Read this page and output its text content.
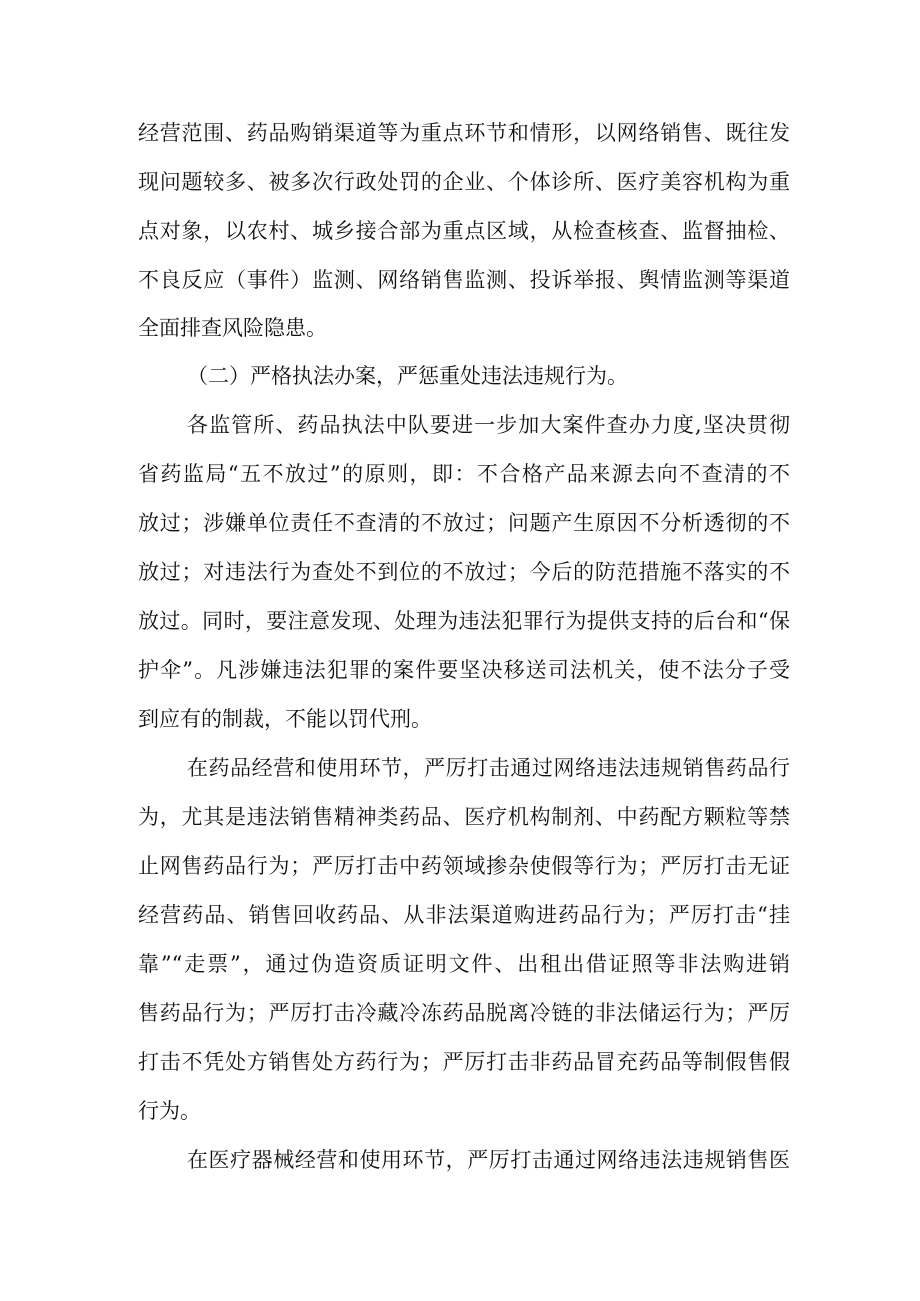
经营范围、药品购销渠道等为重点环节和情形，以网络销售、既往发
现问题较多、被多次行政处罚的企业、个体诊所、医疗美容机构为重
点对象，以农村、城乡接合部为重点区域，从检查核查、监督抽检、
不良反应（事件）监测、网络销售监测、投诉举报、舆情监测等渠道
全面排查风险隐患。
（二）严格执法办案，严惩重处违法违规行为。
各监管所、药品执法中队要进一步加大案件查办力度,坚决贯彻
省药监局“五不放过”的原则，即：不合格产品来源去向不查清的不
放过；涉嫌单位责任不查清的不放过；问题产生原因不分析透彻的不
放过；对违法行为查处不到位的不放过；今后的防范措施不落实的不
放过。同时，要注意发现、处理为违法犯罪行为提供支持的后台和“保
护伞”。凡涉嫌违法犯罪的案件要坚决移送司法机关，使不法分子受
到应有的制裁，不能以罚代刑。
在药品经营和使用环节，严厉打击通过网络违法违规销售药品行
为，尤其是违法销售精神类药品、医疗机构制剂、中药配方颗粒等禁
止网售药品行为；严厉打击中药领域掺杂使假等行为；严厉打击无证
经营药品、销售回收药品、从非法渠道购进药品行为；严厉打击“挂
靠”“走票”，通过伪造资质证明文件、出租出借证照等非法购进销
售药品行为；严厉打击冷藏冷冻药品脱离冷链的非法储运行为；严厉
打击不凭处方销售处方药行为；严厉打击非药品冒充药品等制假售假
行为。
在医疗器械经营和使用环节，严厉打击通过网络违法违规销售医
